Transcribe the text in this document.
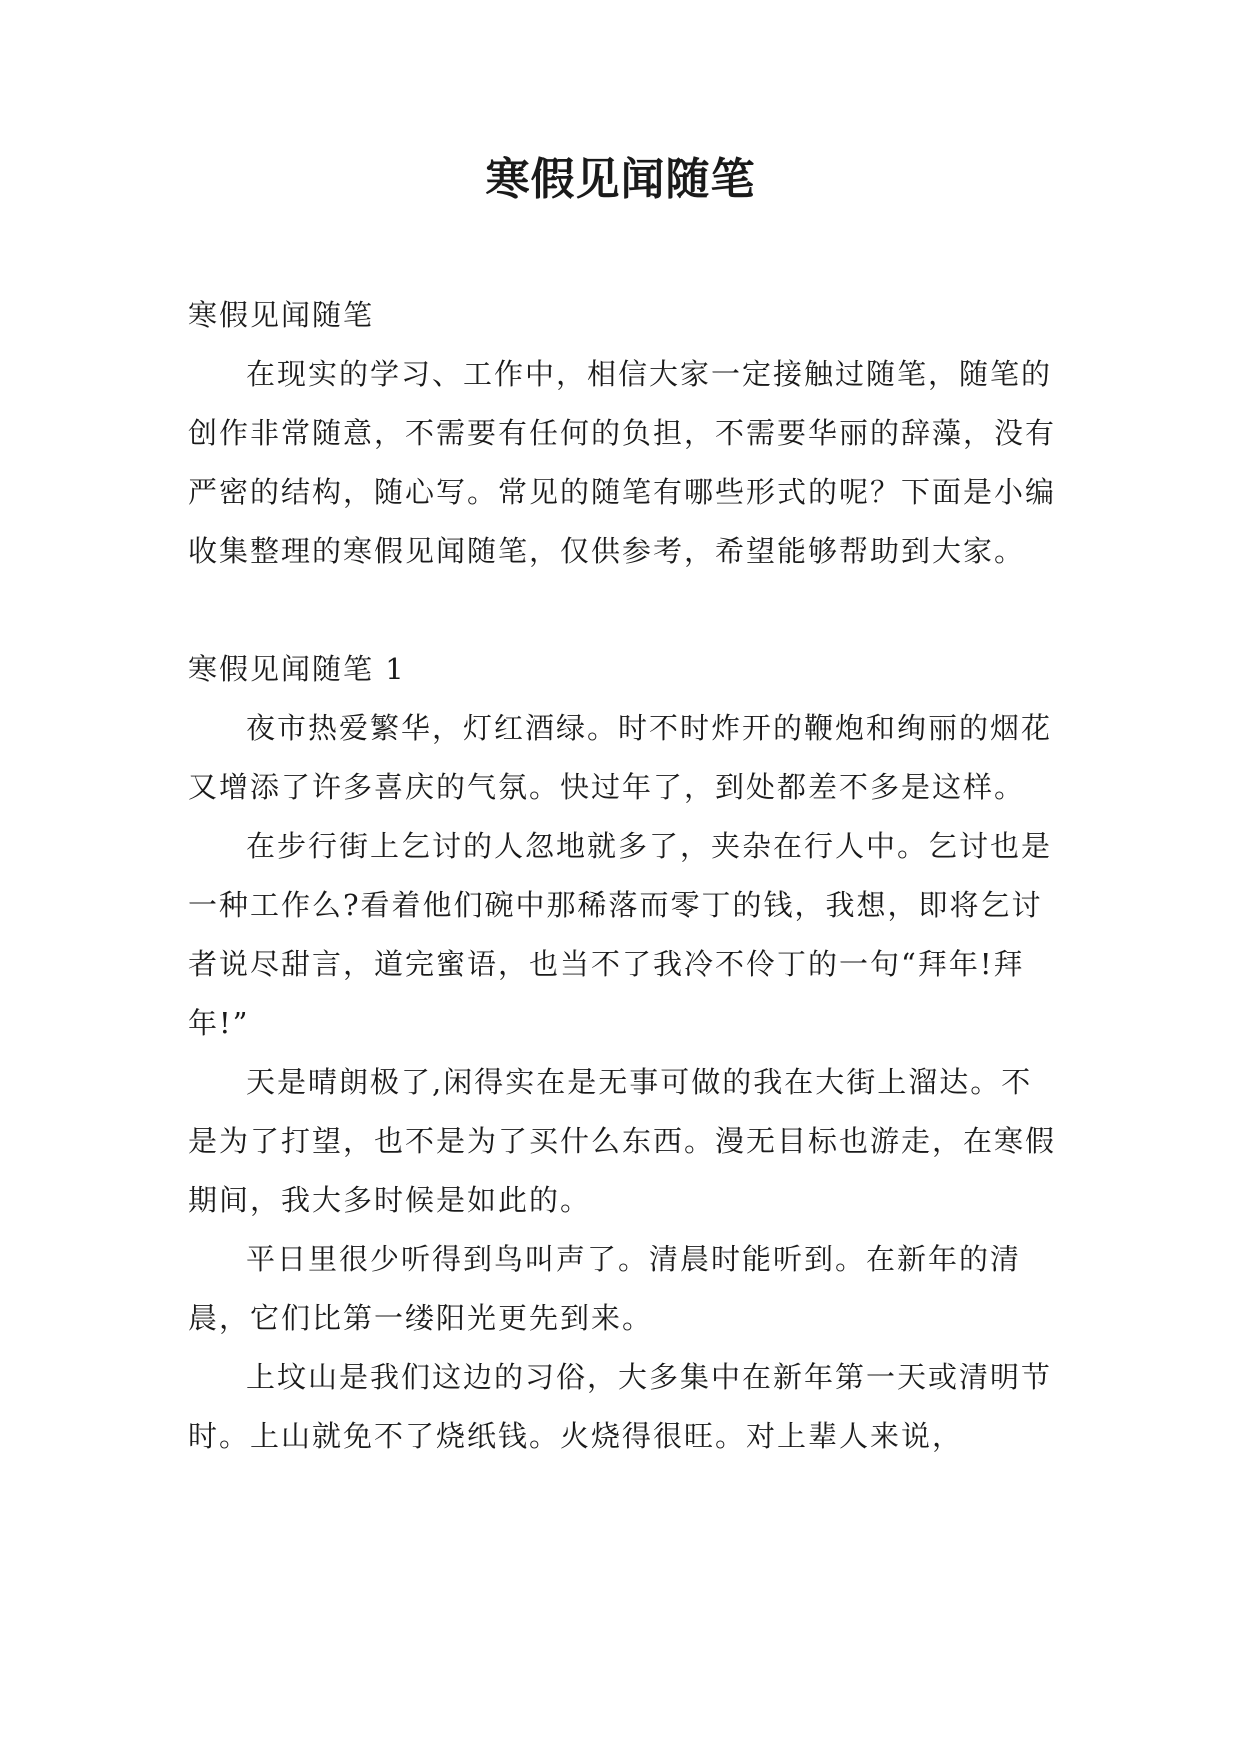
寒假见闻随笔

寒假见闻随笔

在现实的学习、工作中，相信大家一定接触过随笔，随笔的创作非常随意，不需要有任何的负担，不需要华丽的辞藻，没有严密的结构，随心写。常见的随笔有哪些形式的呢？下面是小编收集整理的寒假见闻随笔，仅供参考，希望能够帮助到大家。

寒假见闻随笔 1

夜市热爱繁华，灯红酒绿。时不时炸开的鞭炮和绚丽的烟花又增添了许多喜庆的气氛。快过年了，到处都差不多是这样。

在步行街上乞讨的人忽地就多了，夹杂在行人中。乞讨也是一种工作么?看着他们碗中那稀落而零丁的钱，我想，即将乞讨者说尽甜言，道完蜜语，也当不了我冷不伶丁的一句“拜年!拜年!”

天是晴朗极了,闲得实在是无事可做的我在大街上溜达。不是为了打望，也不是为了买什么东西。漫无目标也游走，在寒假期间，我大多时候是如此的。

平日里很少听得到鸟叫声了。清晨时能听到。在新年的清晨，它们比第一缕阳光更先到来。

上坟山是我们这边的习俗，大多集中在新年第一天或清明节时。上山就免不了烧纸钱。火烧得很旺。对上辈人来说，
